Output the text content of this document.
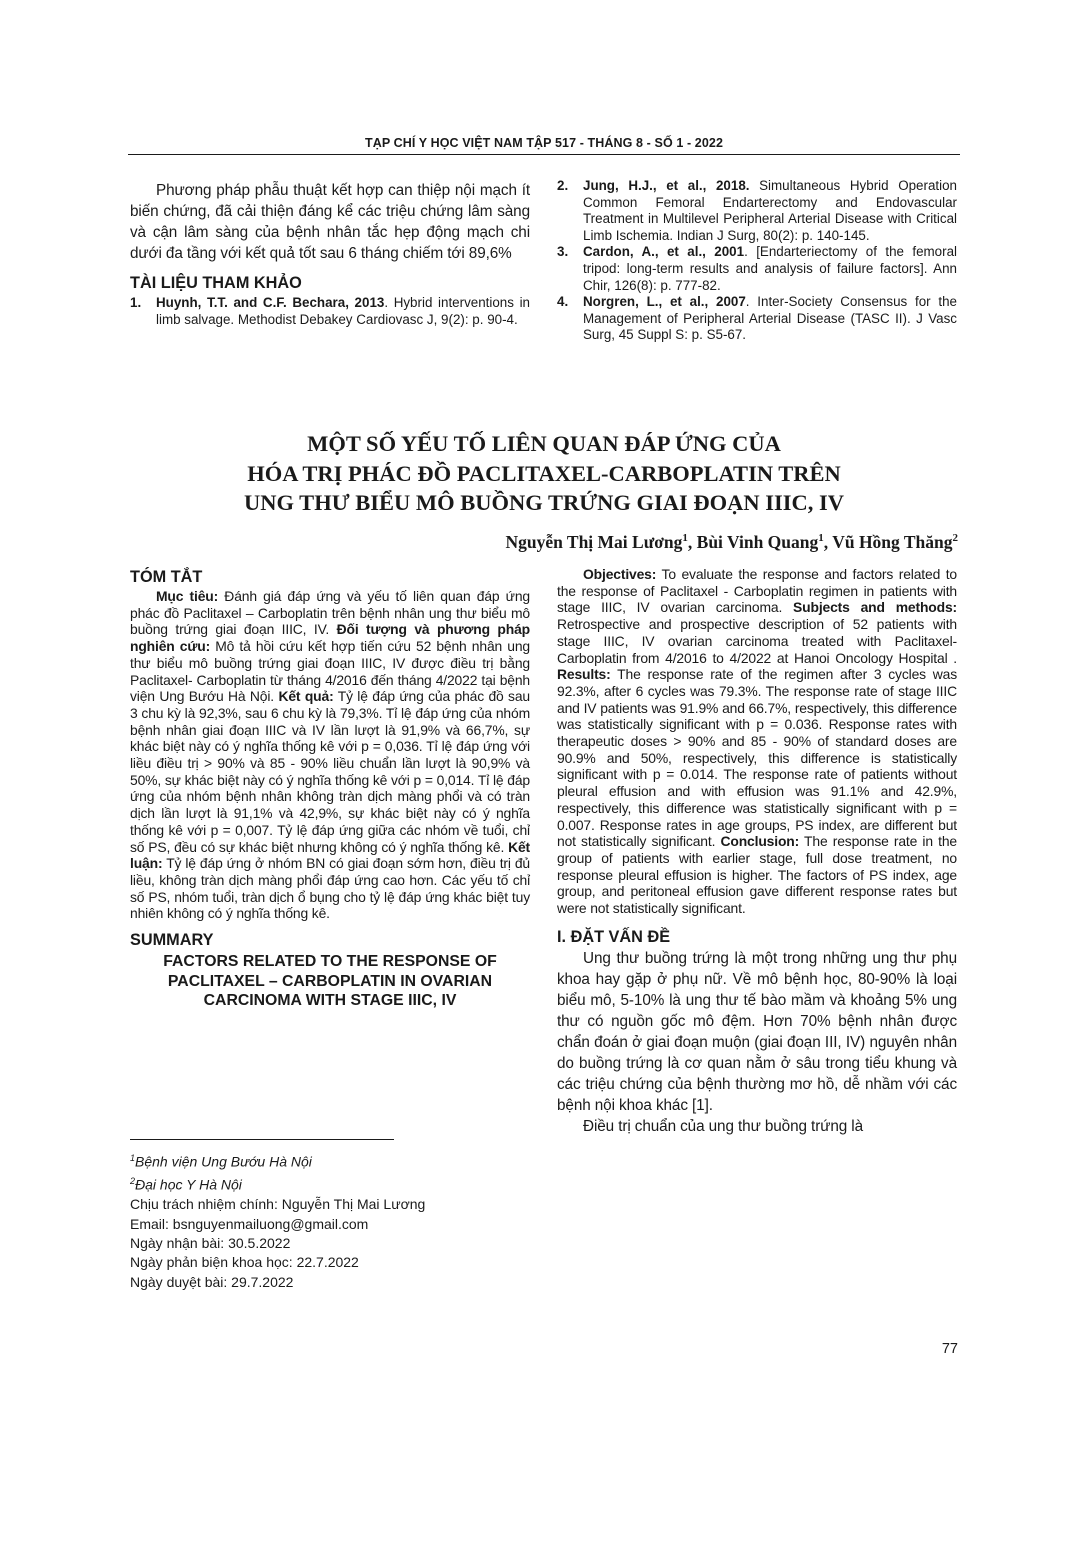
TẠP CHÍ Y HỌC VIỆT NAM TẬP 517 - THÁNG 8 - SỐ 1 - 2022

Phương pháp phẫu thuật kết hợp can thiệp nội mạch ít biến chứng, đã cải thiện đáng kể các triệu chứng lâm sàng và cận lâm sàng của bệnh nhân tắc hẹp động mạch chi dưới đa tầng với kết quả tốt sau 6 tháng chiếm tới 89,6%

TÀI LIỆU THAM KHẢO
1.	Huynh, T.T. and C.F. Bechara, 2013. Hybrid interventions in limb salvage. Methodist Debakey Cardiovasc J, 9(2): p. 90-4.
2.	Jung, H.J., et al., 2018. Simultaneous Hybrid Operation Common Femoral Endarterectomy and Endovascular Treatment in Multilevel Peripheral Arterial Disease with Critical Limb Ischemia. Indian J Surg, 80(2): p. 140-145.
3.	Cardon, A., et al., 2001. [Endarteriectomy of the femoral tripod: long-term results and analysis of failure factors]. Ann Chir, 126(8): p. 777-82.
4.	Norgren, L., et al., 2007. Inter-Society Consensus for the Management of Peripheral Arterial Disease (TASC II). J Vasc Surg, 45 Suppl S: p. S5-67.
MỘT SỐ YẾU TỐ LIÊN QUAN ĐÁP ỨNG CỦA
HÓA TRỊ PHÁC ĐỒ PACLITAXEL-CARBOPLATIN TRÊN
UNG THƯ BIỂU MÔ BUỒNG TRỨNG GIAI ĐOẠN IIIC, IV
Nguyễn Thị Mai Lương$^1$, Bùi Vinh Quang$^1$, Vũ Hồng Thăng$^2$
TÓM TẮT

Mục tiêu: Đánh giá đáp ứng và yếu tố liên quan đáp ứng phác đồ Paclitaxel – Carboplatin trên bệnh nhân ung thư biểu mô buồng trứng giai đoạn IIIC, IV. Đối tượng và phương pháp nghiên cứu: Mô tả hồi cứu kết hợp tiến cứu 52 bệnh nhân ung thư biểu mô buồng trứng giai đoạn IIIC, IV được điều trị bằng Paclitaxel- Carboplatin từ tháng 4/2016 đến tháng 4/2022 tại bệnh viện Ung Bướu Hà Nội. Kết quả: Tỷ lệ đáp ứng của phác đồ sau 3 chu kỳ là 92,3%, sau 6 chu kỳ là 79,3%. Tỉ lệ đáp ứng của nhóm bệnh nhân giai đoạn IIIC và IV lần lượt là 91,9% và 66,7%, sự khác biệt này có ý nghĩa thống kê với p = 0,036. Tỉ lệ đáp ứng với liều điều trị > 90% và 85 - 90% liều chuẩn lần lượt là 90,9% và 50%, sự khác biệt này có ý nghĩa thống kê với p = 0,014. Tỉ lệ đáp ứng của nhóm bệnh nhân không tràn dịch màng phổi và có tràn dịch lần lượt là 91,1% và 42,9%, sự khác biệt này có ý nghĩa thống kê với p = 0,007. Tỷ lệ đáp ứng giữa các nhóm về tuổi, chỉ số PS, đều có sự khác biệt nhưng không có ý nghĩa thống kê. Kết luận: Tỷ lệ đáp ứng ở nhóm BN có giai đoạn sớm hơn, điều trị đủ liều, không tràn dịch màng phổi đáp ứng cao hơn. Các yếu tố chỉ số PS, nhóm tuổi, tràn dịch ổ bụng cho tỷ lệ đáp ứng khác biệt tuy nhiên không có ý nghĩa thống kê.

SUMMARY
FACTORS RELATED TO THE RESPONSE OF
PACLITAXEL – CARBOPLATIN IN OVARIAN
CARCINOMA WITH STAGE IIIC, IV
$^1$Bệnh viện Ung Bướu Hà Nội
$^2$Đại học Y Hà Nội
Chịu trách nhiệm chính: Nguyễn Thị Mai Lương
Email: bsnguyenmailuong@gmail.com
Ngày nhận bài: 30.5.2022
Ngày phản biện khoa học: 22.7.2022
Ngày duyệt bài: 29.7.2022

Objectives: To evaluate the response and factors related to the response of Paclitaxel - Carboplatin regimen in patients with stage IIIC, IV ovarian carcinoma. Subjects and methods: Retrospective and prospective description of 52 patients with stage IIIC, IV ovarian carcinoma treated with Paclitaxel-Carboplatin from 4/2016 to 4/2022 at Hanoi Oncology Hospital . Results: The response rate of the regimen after 3 cycles was 92.3%, after 6 cycles was 79.3%. The response rate of stage IIIC and IV patients was 91.9% and 66.7%, respectively, this difference was statistically significant with p = 0.036. Response rates with therapeutic doses > 90% and 85 - 90% of standard doses are 90.9% and 50%, respectively, this difference is statistically significant with p = 0.014. The response rate of patients without pleural effusion and with effusion was 91.1% and 42.9%, respectively, this difference was statistically significant with p = 0.007. Response rates in age groups, PS index, are different but not statistically significant. Conclusion: The response rate in the group of patients with earlier stage, full dose treatment, no response pleural effusion is higher. The factors of PS index, age group, and peritoneal effusion gave different response rates but were not statistically significant.

I. ĐẶT VẤN ĐỀ

Ung thư buồng trứng là một trong những ung thư phụ khoa hay gặp ở phụ nữ. Về mô bệnh học, 80-90% là loại biểu mô, 5-10% là ung thư tế bào mầm và khoảng 5% ung thư có nguồn gốc mô đệm. Hơn 70% bệnh nhân được chẩn đoán ở giai đoạn muộn (giai đoạn III, IV) nguyên nhân do buồng trứng là cơ quan nằm ở sâu trong tiểu khung và các triệu chứng của bệnh thường mơ hồ, dễ nhầm với các bệnh nội khoa khác [1].

Điều trị chuẩn của ung thư buồng trứng là

77
